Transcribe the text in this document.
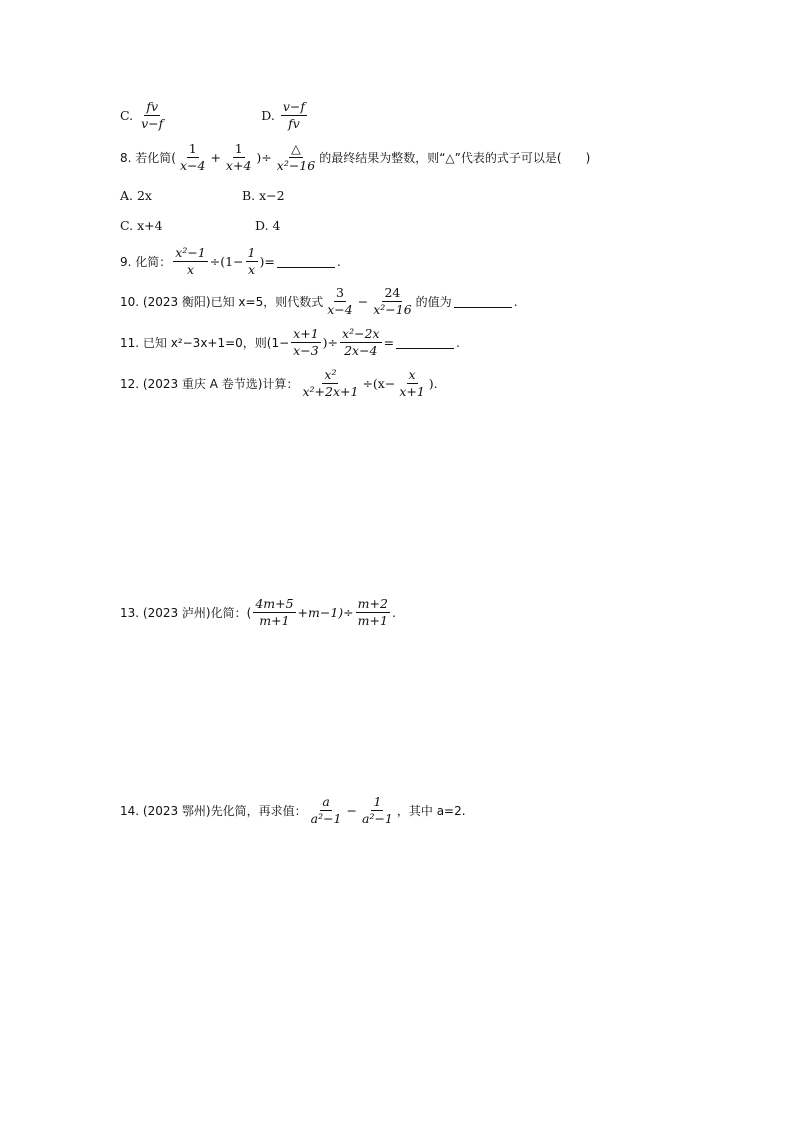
C. $\frac{fv}{v-f}$	D. $\frac{v-f}{fv}$
8. 若化简( $\frac{1}{x-4} + \frac{1}{x+4}$ )÷ $\frac{\triangle}{\text{x²−16}}$ 的最终结果为整数，则“△”代表的式子可以是(　　)
A. 2x	B. x−2
C. x+4	D. 4
9. 化简： $\frac{\text{x²−1}}{x} \div(1- \frac{1}{x}$ )=	.
10. (2023 衡阳)已知 x=5，则代数式 $\frac{3}{x-4} - \frac{24}{\text{x²−16}}$ 的值为	.
11. 已知 x²−3x+1=0，则($1- \frac{x+1}{x-3}$ )÷ $\frac{\text{x²−2x}}{2x-4}$ =	.
12. (2023 重庆 A 卷节选)计算： $\frac{\text{x²}}{\text{x²+2x+1}} \div(x- \frac{x}{x+1}$ ).
13. (2023 泸州)化简：( $\frac{4m+5}{m+1} +m-1)\div \frac{m+2}{m+1}$ .
14. (2023 鄂州)先化简，再求值： $\frac{a}{\text{a²−1}} - \frac{1}{\text{a²−1}}$ ，其中 a=2.
